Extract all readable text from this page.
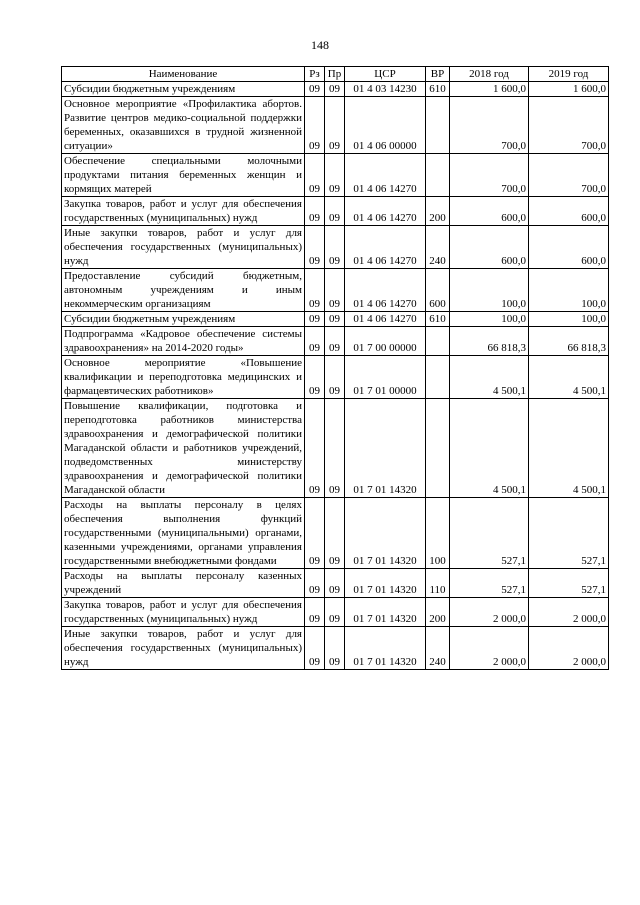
148
Наименование	Рз	Пр	ЦСР	ВР	2018 год	2019 год
Субсидии бюджетным учреждениям	09	09	01 4 03 14230	610	1 600,0	1 600,0
Основное мероприятие «Профилактика абортов. Развитие центров медико-социальной поддержки беременных, оказавшихся в трудной жизненной ситуации»	09	09	01 4 06 00000		700,0	700,0
Обеспечение специальными молочными продуктами питания беременных женщин и кормящих матерей	09	09	01 4 06 14270		700,0	700,0
Закупка товаров, работ и услуг для обеспечения государственных (муниципальных) нужд	09	09	01 4 06 14270	200	600,0	600,0
Иные закупки товаров, работ и услуг для обеспечения государственных (муниципальных) нужд	09	09	01 4 06 14270	240	600,0	600,0
Предоставление субсидий бюджетным, автономным учреждениям и иным некоммерческим организациям	09	09	01 4 06 14270	600	100,0	100,0
Субсидии бюджетным учреждениям	09	09	01 4 06 14270	610	100,0	100,0
Подпрограмма «Кадровое обеспечение системы здравоохранения» на 2014-2020 годы»	09	09	01 7 00 00000		66 818,3	66 818,3
Основное мероприятие «Повышение квалификации и переподготовка медицинских и фармацевтических работников»	09	09	01 7 01 00000		4 500,1	4 500,1
Повышение квалификации, подготовка и переподготовка работников министерства здравоохранения и демографической политики Магаданской области и работников учреждений, подведомственных министерству здравоохранения и демографической политики Магаданской области	09	09	01 7 01 14320		4 500,1	4 500,1
Расходы на выплаты персоналу в целях обеспечения выполнения функций государственными (муниципальными) органами, казенными учреждениями, органами управления государственными внебюджетными фондами	09	09	01 7 01 14320	100	527,1	527,1
Расходы на выплаты персоналу казенных учреждений	09	09	01 7 01 14320	110	527,1	527,1
Закупка товаров, работ и услуг для обеспечения государственных (муниципальных) нужд	09	09	01 7 01 14320	200	2 000,0	2 000,0
Иные закупки товаров, работ и услуг для обеспечения государственных (муниципальных) нужд	09	09	01 7 01 14320	240	2 000,0	2 000,0
